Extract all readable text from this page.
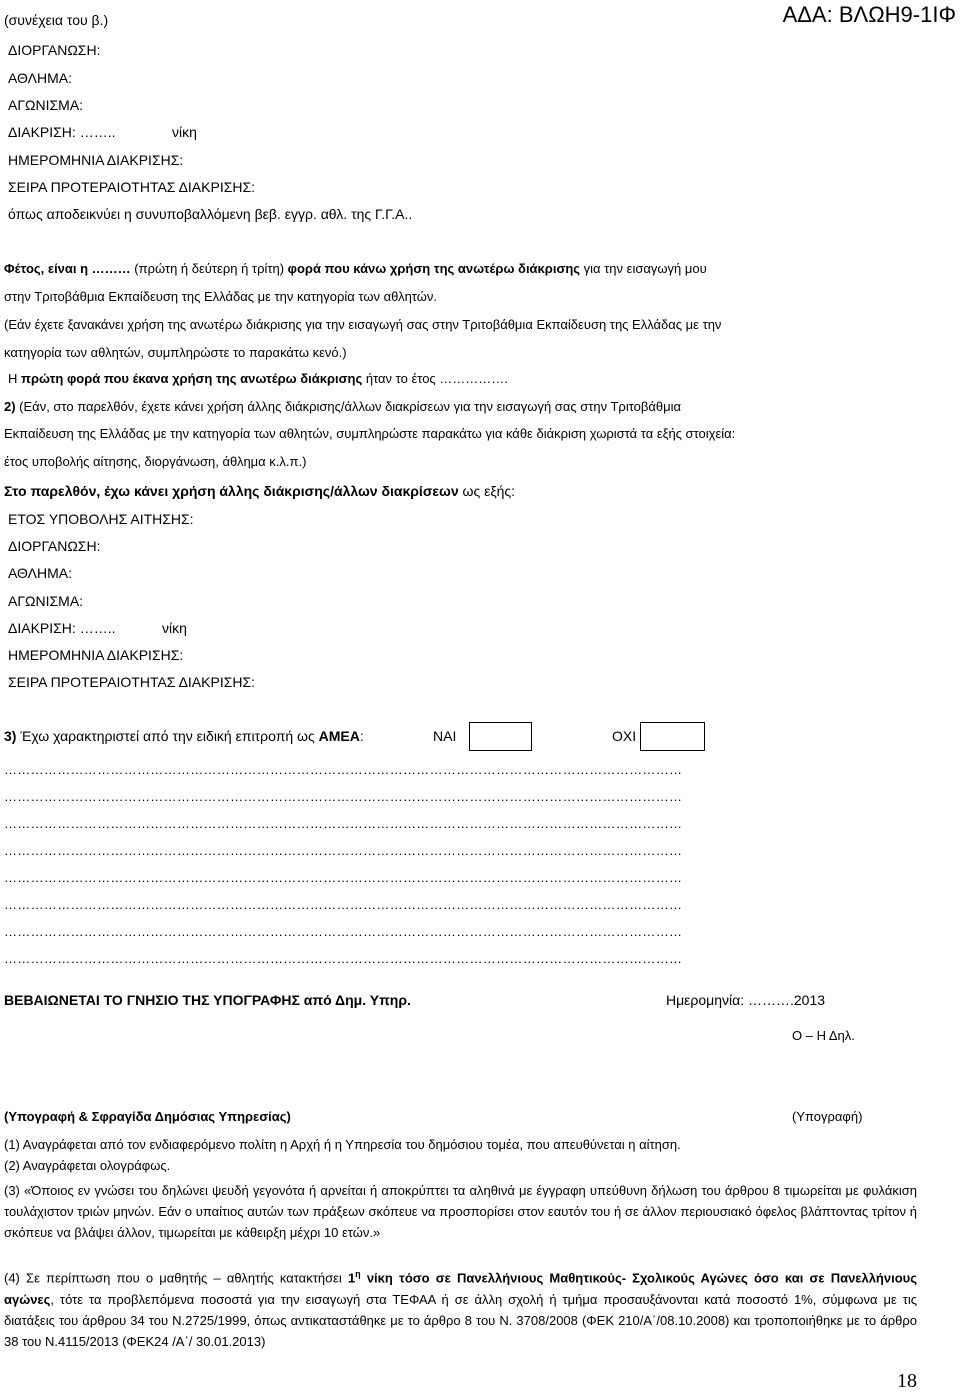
(συνέχεια του β.)	ΑΔΑ: ΒΛΩΗ9-1ΙΦ
ΔΙΟΡΓΑΝΩΣΗ:
ΑΘΛΗΜΑ:
ΑΓΩΝΙΣΜΑ:
ΔΙΑΚΡΙΣΗ: ……..	νίκη
ΗΜΕΡΟΜΗΝΙΑ ΔΙΑΚΡΙΣΗΣ:
ΣΕΙΡΑ ΠΡΟΤΕΡΑΙΟΤΗΤΑΣ ΔΙΑΚΡΙΣΗΣ:
όπως αποδεικνύει η συνυποβαλλόμενη βεβ. εγγρ. αθλ. της Γ.Γ.Α..
Φέτος, είναι η ……… (πρώτη ή δεύτερη ή τρίτη) φορά που κάνω χρήση της ανωτέρω διάκρισης για την εισαγωγή μου
στην Τριτοβάθμια Εκπαίδευση της Ελλάδας με την κατηγορία των αθλητών.
(Εάν έχετε ξανακάνει χρήση της ανωτέρω διάκρισης για την εισαγωγή σας στην Τριτοβάθμια Εκπαίδευση της Ελλάδας με την
κατηγορία των αθλητών, συμπληρώστε το παρακάτω κενό.)
Η πρώτη φορά που έκανα χρήση της ανωτέρω διάκρισης ήταν το έτος …………….
2) (Εάν, στο παρελθόν, έχετε κάνει χρήση άλλης διάκρισης/άλλων διακρίσεων για την εισαγωγή σας στην Τριτοβάθμια
Εκπαίδευση της Ελλάδας με την κατηγορία των αθλητών, συμπληρώστε παρακάτω για κάθε διάκριση χωριστά τα εξής στοιχεία:
έτος υποβολής αίτησης, διοργάνωση, άθλημα κ.λ.π.)
Στο παρελθόν, έχω κάνει χρήση άλλης διάκρισης/άλλων διακρίσεων ως εξής:
ΕΤΟΣ ΥΠΟΒΟΛΗΣ ΑΙΤΗΣΗΣ:
ΔΙΟΡΓΑΝΩΣΗ:
ΑΘΛΗΜΑ:
ΑΓΩΝΙΣΜΑ:
ΔΙΑΚΡΙΣΗ: ……..	νίκη
ΗΜΕΡΟΜΗΝΙΑ ΔΙΑΚΡΙΣΗΣ:
ΣΕΙΡΑ ΠΡΟΤΕΡΑΙΟΤΗΤΑΣ ΔΙΑΚΡΙΣΗΣ:
3) Έχω χαρακτηριστεί από την ειδική επιτροπή ως ΑΜΕΑ:	ΝΑΙ	ΟΧΙ
………………………………………………………………………………………………………………………………………
………………………………………………………………………………………………………………………………………
………………………………………………………………………………………………………………………………………
………………………………………………………………………………………………………………………………………
………………………………………………………………………………………………………………………………………
………………………………………………………………………………………………………………………………………
………………………………………………………………………………………………………………………………………
………………………………………………………………………………………………………………………………………
ΒΕΒΑΙΩΝΕΤΑΙ ΤΟ ΓΝΗΣΙΟ ΤΗΣ ΥΠΟΓΡΑΦΗΣ από Δημ. Υπηρ.	Ημερομηνία: ……….2013
Ο – Η Δηλ.
(Υπογραφή & Σφραγίδα Δημόσιας Υπηρεσίας)	(Υπογραφή)
(1) Αναγράφεται από τον ενδιαφερόμενο πολίτη η Αρχή ή η Υπηρεσία του δημόσιου τομέα, που απευθύνεται η αίτηση.
(2) Αναγράφεται ολογράφως.
(3) «Όποιος εν γνώσει του δηλώνει ψευδή γεγονότα ή αρνείται ή αποκρύπτει τα αληθινά με έγγραφη υπεύθυνη δήλωση του άρθρου 8 τιμωρείται με φυλάκιση τουλάχιστον τριών μηνών. Εάν ο υπαίτιος αυτών των πράξεων σκόπευε να προσπορίσει στον εαυτόν του ή σε άλλον περιουσιακό όφελος βλάπτοντας τρίτον ή σκόπευε να βλάψει άλλον, τιμωρείται με κάθειρξη μέχρι 10 ετών.»
(4) Σε περίπτωση που ο μαθητής – αθλητής κατακτήσει $1^\eta$ νίκη τόσο σε Πανελλήνιους Μαθητικούς- Σχολικούς Αγώνες όσο και σε Πανελλήνιους αγώνες, τότε τα προβλεπόμενα ποσοστά για την εισαγωγή στα ΤΕΦΑΑ ή σε άλλη σχολή ή τμήμα προσαυξάνονται κατά ποσοστό 1%, σύμφωνα με τις διατάξεις του άρθρου 34 του Ν.2725/1999, όπως αντικαταστάθηκε με το άρθρο 8 του Ν. 3708/2008 (ΦΕΚ 210/Α΄/08.10.2008) και τροποποιήθηκε με το άρθρο 38 του Ν.4115/2013 (ΦΕΚ24 /Α΄/ 30.01.2013)
18
